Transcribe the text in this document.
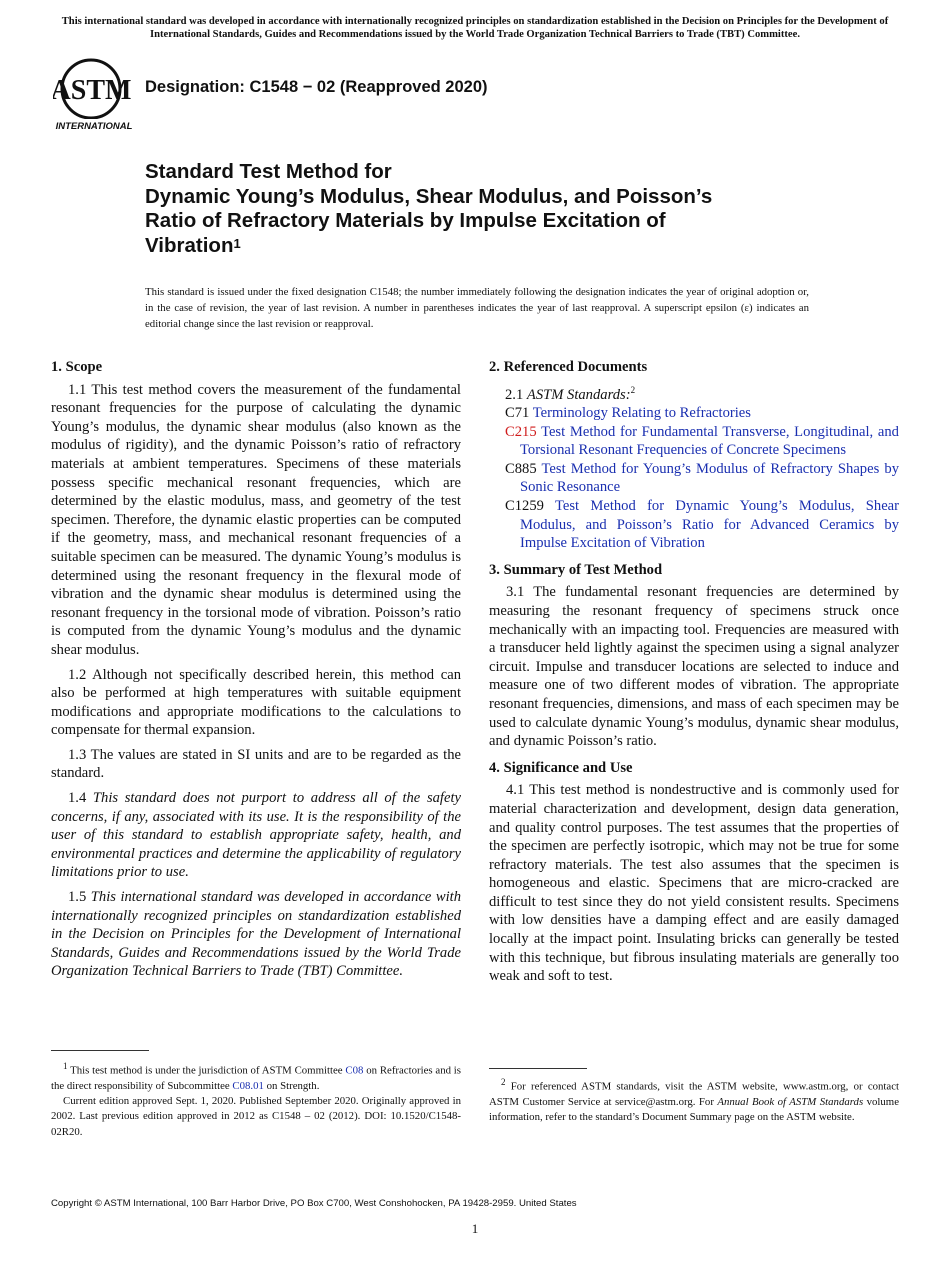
This international standard was developed in accordance with internationally recognized principles on standardization established in the Decision on Principles for the Development of International Standards, Guides and Recommendations issued by the World Trade Organization Technical Barriers to Trade (TBT) Committee.
ASTM
INTERNATIONAL
Designation: C1548 − 02 (Reapproved 2020)
Standard Test Method for
Dynamic Young’s Modulus, Shear Modulus, and Poisson’s
Ratio of Refractory Materials by Impulse Excitation of
Vibration$^1$
This standard is issued under the fixed designation C1548; the number immediately following the designation indicates the year of original adoption or, in the case of revision, the year of last revision. A number in parentheses indicates the year of last reapproval. A superscript epsilon (ε) indicates an editorial change since the last revision or reapproval.
1. Scope

1.1 This test method covers the measurement of the fundamental resonant frequencies for the purpose of calculating the dynamic Young’s modulus, the dynamic shear modulus (also known as the modulus of rigidity), and the dynamic Poisson’s ratio of refractory materials at ambient temperatures. Specimens of these materials possess specific mechanical resonant frequencies, which are determined by the elastic modulus, mass, and geometry of the test specimen. Therefore, the dynamic elastic properties can be computed if the geometry, mass, and mechanical resonant frequencies of a suitable specimen can be measured. The dynamic Young’s modulus is determined using the resonant frequency in the flexural mode of vibration and the dynamic shear modulus is determined using the resonant frequency in the torsional mode of vibration. Poisson’s ratio is computed from the dynamic Young’s modulus and the dynamic shear modulus.

1.2 Although not specifically described herein, this method can also be performed at high temperatures with suitable equipment modifications and appropriate modifications to the calculations to compensate for thermal expansion.

1.3 The values are stated in SI units and are to be regarded as the standard.

1.4 This standard does not purport to address all of the safety concerns, if any, associated with its use. It is the responsibility of the user of this standard to establish appropriate safety, health, and environmental practices and determine the applicability of regulatory limitations prior to use.

1.5 This international standard was developed in accordance with internationally recognized principles on standardization established in the Decision on Principles for the Development of International Standards, Guides and Recommendations issued by the World Trade Organization Technical Barriers to Trade (TBT) Committee.

$^1$ This test method is under the jurisdiction of ASTM Committee C08 on Refractories and is the direct responsibility of Subcommittee C08.01 on Strength.

Current edition approved Sept. 1, 2020. Published September 2020. Originally approved in 2002. Last previous edition approved in 2012 as C1548 – 02 (2012). DOI: 10.1520/C1548-02R20.

2. Referenced Documents
2.1 ASTM Standards:$^2$
C71 Terminology Relating to Refractories
C215 Test Method for Fundamental Transverse, Longitudinal, and Torsional Resonant Frequencies of Concrete Specimens
C885 Test Method for Young’s Modulus of Refractory Shapes by Sonic Resonance
C1259 Test Method for Dynamic Young’s Modulus, Shear Modulus, and Poisson’s Ratio for Advanced Ceramics by Impulse Excitation of Vibration
3. Summary of Test Method

3.1 The fundamental resonant frequencies are determined by measuring the resonant frequency of specimens struck once mechanically with an impacting tool. Frequencies are measured with a transducer held lightly against the specimen using a signal analyzer circuit. Impulse and transducer locations are selected to induce and measure one of two different modes of vibration. The appropriate resonant frequencies, dimensions, and mass of each specimen may be used to calculate dynamic Young’s modulus, dynamic shear modulus, and dynamic Poisson’s ratio.

4. Significance and Use

4.1 This test method is nondestructive and is commonly used for material characterization and development, design data generation, and quality control purposes. The test assumes that the properties of the specimen are perfectly isotropic, which may not be true for some refractory materials. The test also assumes that the specimen is homogeneous and elastic. Specimens that are micro-cracked are difficult to test since they do not yield consistent results. Specimens with low densities have a damping effect and are easily damaged locally at the impact point. Insulating bricks can generally be tested with this technique, but fibrous insulating materials are generally too weak and soft to test.

$^2$ For referenced ASTM standards, visit the ASTM website, www.astm.org, or contact ASTM Customer Service at service@astm.org. For Annual Book of ASTM Standards volume information, refer to the standard’s Document Summary page on the ASTM website.

Copyright © ASTM International, 100 Barr Harbor Drive, PO Box C700, West Conshohocken, PA 19428-2959. United States
1
